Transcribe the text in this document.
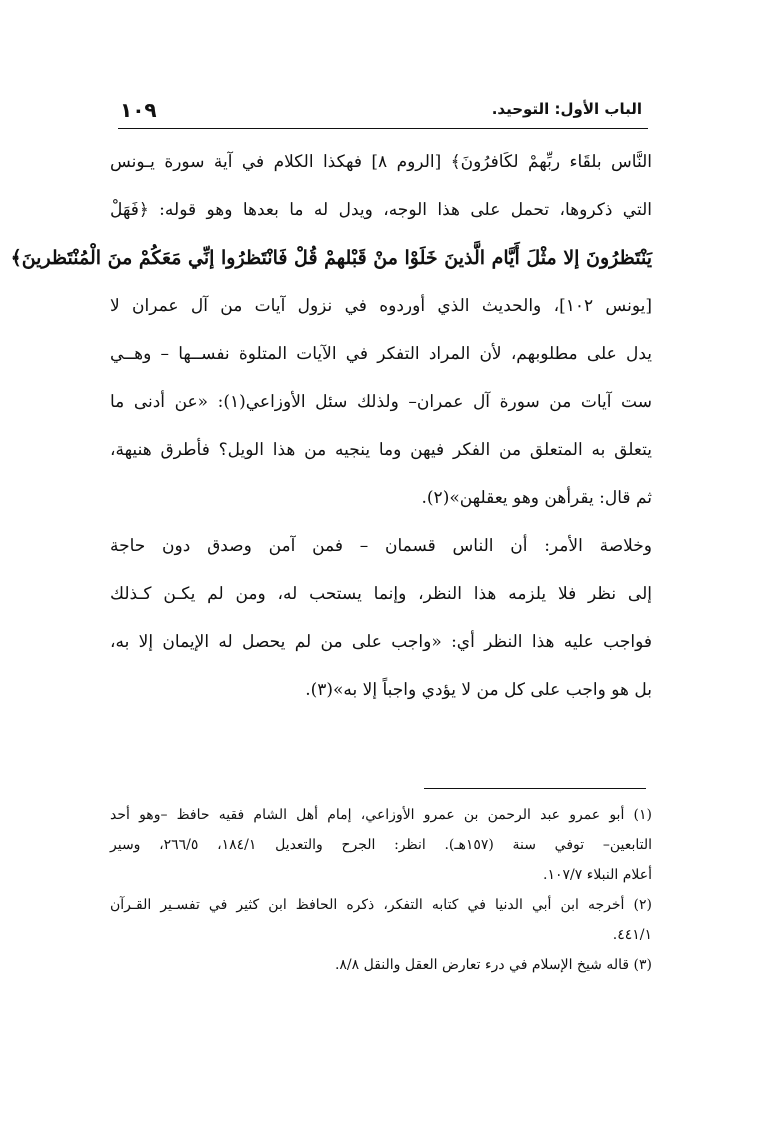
١٠٩	الباب الأول: التوحيد.
النَّاس بلقَاء ربِّهمْ لكَافرُونَ﴾ [الروم ٨] فهكذا الكلام في آية سورة يـونس
التي ذكروها، تحمل على هذا الوجه، ويدل له ما بعدها وهو قوله: ﴿فَهَلْ
يَنْتَظرُونَ إلا مثْلَ أَيَّام الَّذينَ خَلَوْا منْ قَبْلهمْ قُلْ فَانْتَظرُوا إنِّي مَعَكُمْ منَ الْمُنْتَظرينَ﴾
[يونس ١٠٢]، والحديث الذي أوردوه في نزول آيات من آل عمران لا
يدل على مطلوبهم، لأن المراد التفكر في الآيات المتلوة نفســها – وهــي
ست آيات من سورة آل عمران– ولذلك سئل الأوزاعي(١): «عن أدنى ما
يتعلق به المتعلق من الفكر فيهن وما ينجيه من هذا الويل؟ فأطرق هنيهة،
ثم قال: يقرأهن وهو يعقلهن»(٢).
وخلاصة الأمر: أن الناس قسمان – فمن آمن وصدق دون حاجة
إلى نظر فلا يلزمه هذا النظر، وإنما يستحب له، ومن لم يكـن كـذلك
فواجب عليه هذا النظر أي: «واجب على من لم يحصل له الإيمان إلا به،
بل هو واجب على كل من لا يؤدي واجباً إلا به»(٣).
(١) أبو عمرو عبد الرحمن بن عمرو الأوزاعي، إمام أهل الشام فقيه حافظ –وهو أحد
التابعين– توفي سنة (١٥٧هـ). انظر: الجرح والتعديل ١٨٤/١، ٢٦٦/٥، وسير
أعلام النبلاء ١٠٧/٧.
(٢) أخرجه ابن أبي الدنيا في كتابه التفكر، ذكره الحافظ ابن كثير في تفسـير القـرآن
٤٤١/١.
(٣) قاله شيخ الإسلام في درء تعارض العقل والنقل ٨/٨.
